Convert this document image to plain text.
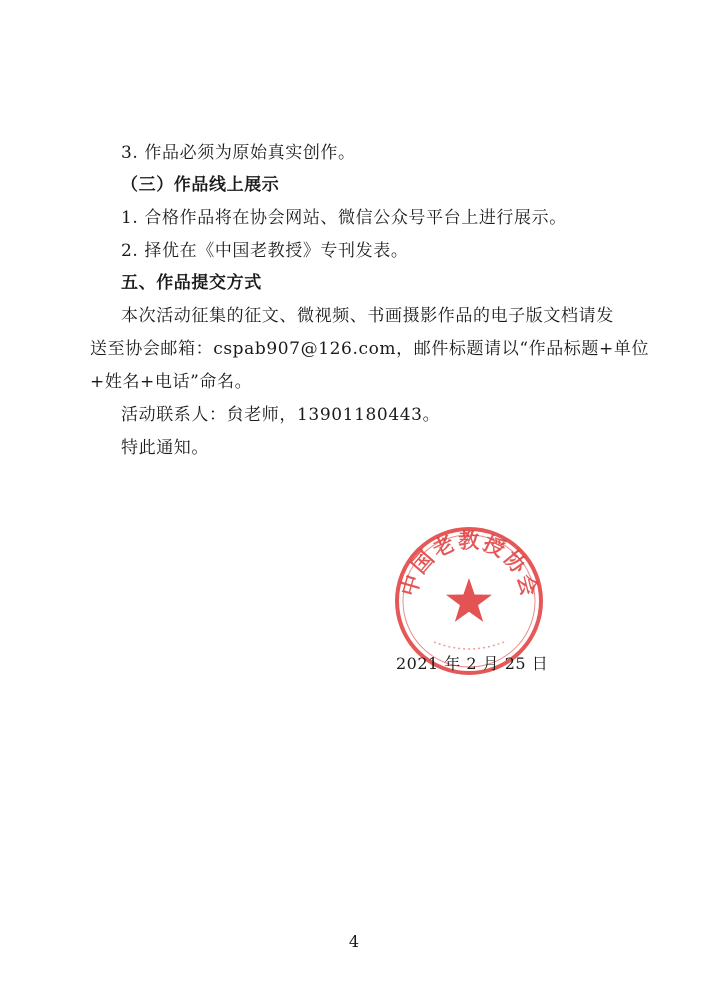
3. 作品必须为原始真实创作。
（三）作品线上展示
1. 合格作品将在协会网站、微信公众号平台上进行展示。
2. 择优在《中国老教授》专刊发表。
五、作品提交方式
本次活动征集的征文、微视频、书画摄影作品的电子版文档请发
送至协会邮箱：cspab907@126.com，邮件标题请以“作品标题+单位
+姓名+电话”命名。
活动联系人：贠老师，13901180443。
特此通知。
中国老教授协会
2021 年 2 月 25 日
4
